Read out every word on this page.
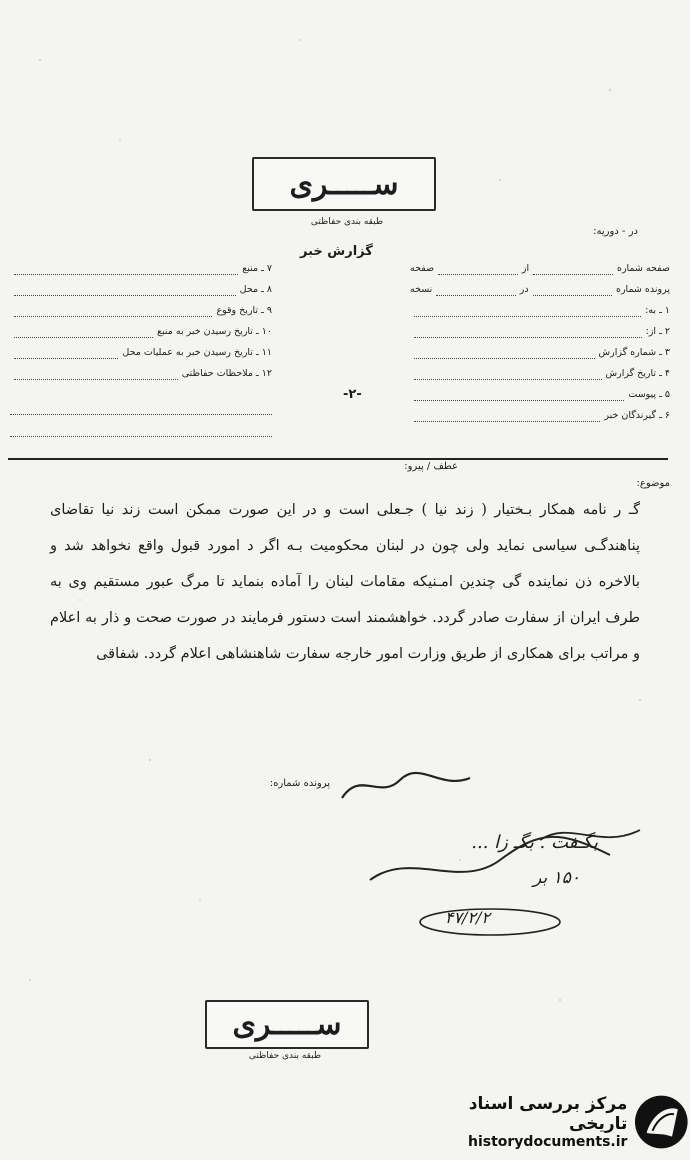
ســـــری
طبقه بندی حفاظتی
گزارش خبر
در - دوریه:
صفحه شماره
از
صفحه
پرونده شماره
در
نسخه
۱ ـ به:
۲ ـ از:
۳ ـ شماره گزارش
۴ ـ تاریخ گزارش
۵ ـ پیوست
۶ ـ گیرندگان خبر
۷ ـ منبع
۸ ـ محل
۹ ـ تاریخ وقوع
۱۰ ـ تاریخ رسیدن خبر به منبع
۱۱ ـ تاریخ رسیدن خبر به عملیات محل
۱۲ ـ ملاحظات حفاظتی
-۲-
عطف / پیرو:
موضوع:
گـ ر نامه همکار بـختیار ( زند نیا ) جـعلی است و در این صورت ممکن است زند نیا تقاضای پناهندگـی سیاسی نماید ولی چون در لبنان محکومیت بـه اگر د امورد قبول واقع نخواهد شد و بالاخره ذن نماینده گی چندین امـنیکه مقامات لبنان را آماده بنماید تا مرگ عبور مستقیم وی به طرف ایران از سفارت صادر گردد. خواهشمند است دستور فرمایند در صورت صحت و ذار به اعلام و مراتب برای همکاری از طریق وزارت امور خارجه سفارت شاهنشاهی اعلام گردد. شفاقی
پرونده شماره:
بگـفت . بگـ زا ...
۱۵۰ بر
۴۷/۲/۲
ســـــری
طبقه بندی حفاظتی
مرکز بررسی اسناد تاریخی
historydocuments.ir
